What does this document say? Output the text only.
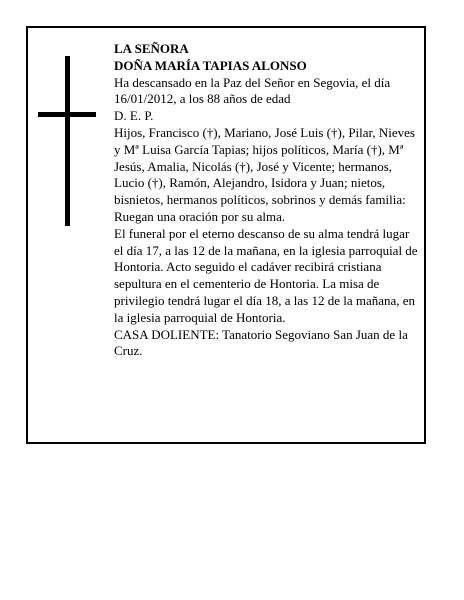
LA SEÑORA

DOÑA MARÍA TAPIAS ALONSO

Ha descansado en la Paz del Señor en Segovia, el día 16/01/2012, a los 88 años de edad

D. E. P.

Hijos, Francisco (†), Mariano, José Luis (†), Pilar, Nieves y Mª Luisa García Tapias; hijos políticos, María (†), Mª Jesús, Amalia, Nicolás (†), José y Vicente; hermanos, Lucio (†), Ramón, Alejandro, Isidora y Juan; nietos, bisnietos, hermanos políticos, sobrinos y demás familia:

Ruegan una oración por su alma.

El funeral por el eterno descanso de su alma tendrá lugar el día 17, a las 12 de la mañana, en la iglesia parroquial de Hontoria. Acto seguido el cadáver recibirá cristiana sepultura en el cementerio de Hontoria. La misa de privilegio tendrá lugar el día 18, a las 12 de la mañana, en la iglesia parroquial de Hontoria.

CASA DOLIENTE: Tanatorio Segoviano San Juan de la Cruz.
